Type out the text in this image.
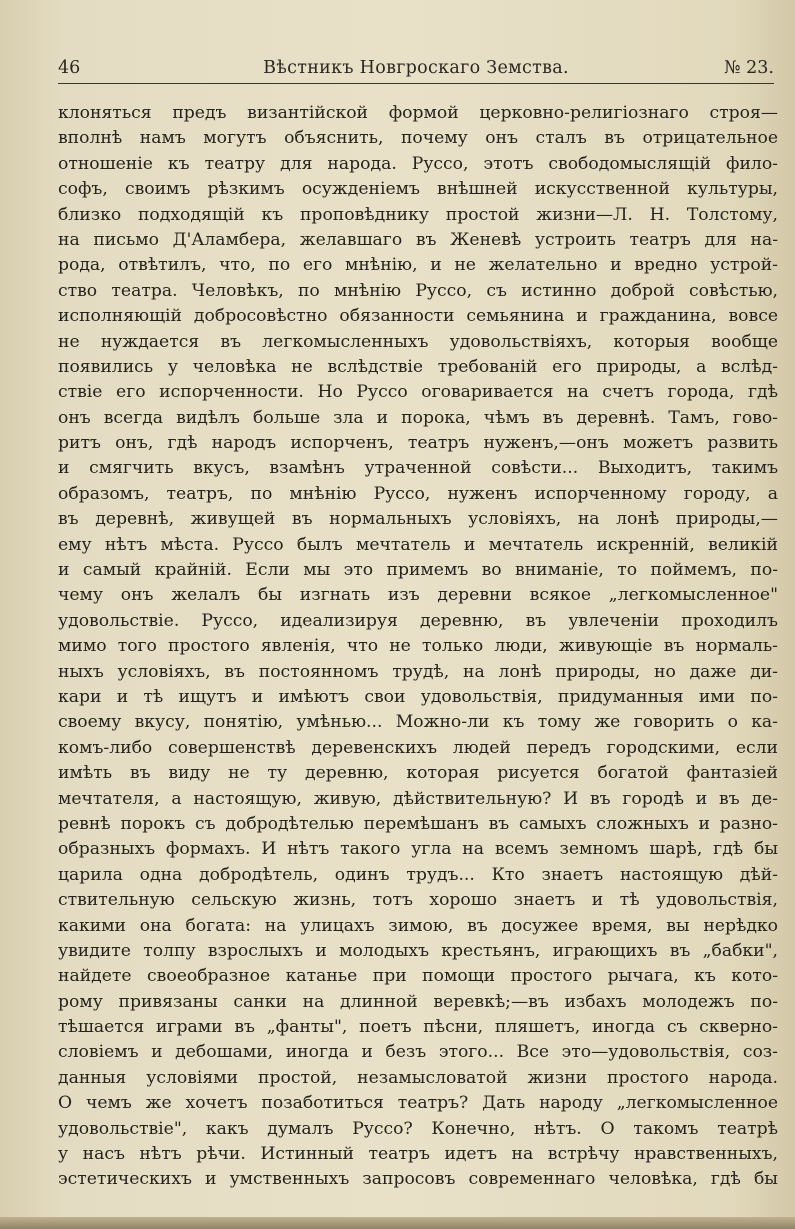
46	Вѣстникъ Новгроскаго Земства.	№ 23.
клоняться предъ византійской формой церковно-религіознаго строя—
вполнѣ намъ могутъ объяснить, почему онъ сталъ въ отрицательное
отношеніе къ театру для народа. Руссо, этотъ свободомыслящій фило-
софъ, своимъ рѣзкимъ осужденіемъ внѣшней искусственной культуры,
близко подходящій къ проповѣднику простой жизни—Л. Н. Толстому,
на письмо Д'Аламбера, желавшаго въ Женевѣ устроить театръ для на-
рода, отвѣтилъ, что, по его мнѣнію, и не желательно и вредно устрой-
ство театра. Человѣкъ, по мнѣнію Руссо, съ истинно доброй совѣстью,
исполняющій добросовѣстно обязанности семьянина и гражданина, вовсе
не нуждается въ легкомысленныхъ удовольствіяхъ, которыя вообще
появились у человѣка не вслѣдствіе требованій его природы, а вслѣд-
ствіе его испорченности. Но Руссо оговаривается на счетъ города, гдѣ
онъ всегда видѣлъ больше зла и порока, чѣмъ въ деревнѣ. Тамъ, гово-
ритъ онъ, гдѣ народъ испорченъ, театръ нуженъ,—онъ можетъ развить
и смягчить вкусъ, взамѣнъ утраченной совѣсти... Выходитъ, такимъ
образомъ, театръ, по мнѣнію Руссо, нуженъ испорченному городу, а
въ деревнѣ, живущей въ нормальныхъ условіяхъ, на лонѣ природы,—
ему нѣтъ мѣста. Руссо былъ мечтатель и мечтатель искренній, великій
и самый крайній. Если мы это примемъ во вниманіе, то поймемъ, по-
чему онъ желалъ бы изгнать изъ деревни всякое „легкомысленное"
удовольствіе. Руссо, идеализируя деревню, въ увлеченіи проходилъ
мимо того простого явленія, что не только люди, живующіе въ нормаль-
ныхъ условіяхъ, въ постоянномъ трудѣ, на лонѣ природы, но даже ди-
кари и тѣ ищутъ и имѣютъ свои удовольствія, придуманныя ими по-
своему вкусу, понятію, умѣнью... Можно-ли къ тому же говорить о ка-
комъ-либо совершенствѣ деревенскихъ людей передъ городскими, если
имѣть въ виду не ту деревню, которая рисуется богатой фантазіей
мечтателя, а настоящую, живую, дѣйствительную? И въ городѣ и въ де-
ревнѣ порокъ съ добродѣтелью перемѣшанъ въ самыхъ сложныхъ и разно-
образныхъ формахъ. И нѣтъ такого угла на всемъ земномъ шарѣ, гдѣ бы
царила одна добродѣтель, одинъ трудъ... Кто знаетъ настоящую дѣй-
ствительную сельскую жизнь, тотъ хорошо знаетъ и тѣ удовольствія,
какими она богата: на улицахъ зимою, въ досужее время, вы нерѣдко
увидите толпу взрослыхъ и молодыхъ крестьянъ, играющихъ въ „бабки",
найдете своеобразное катанье при помощи простого рычага, къ кото-
рому привязаны санки на длинной веревкѣ;—въ избахъ молодежъ по-
тѣшается играми въ „фанты", поетъ пѣсни, пляшетъ, иногда съ скверно-
словіемъ и дебошами, иногда и безъ этого... Все это—удовольствія, соз-
данныя условіями простой, незамысловатой жизни простого народа.
О чемъ же хочетъ позаботиться театръ? Дать народу „легкомысленное
удовольствіе", какъ думалъ Руссо? Конечно, нѣтъ. О такомъ театрѣ
у насъ нѣтъ рѣчи. Истинный театръ идетъ на встрѣчу нравственныхъ,
эстетическихъ и умственныхъ запросовъ современнаго человѣка, гдѣ бы
